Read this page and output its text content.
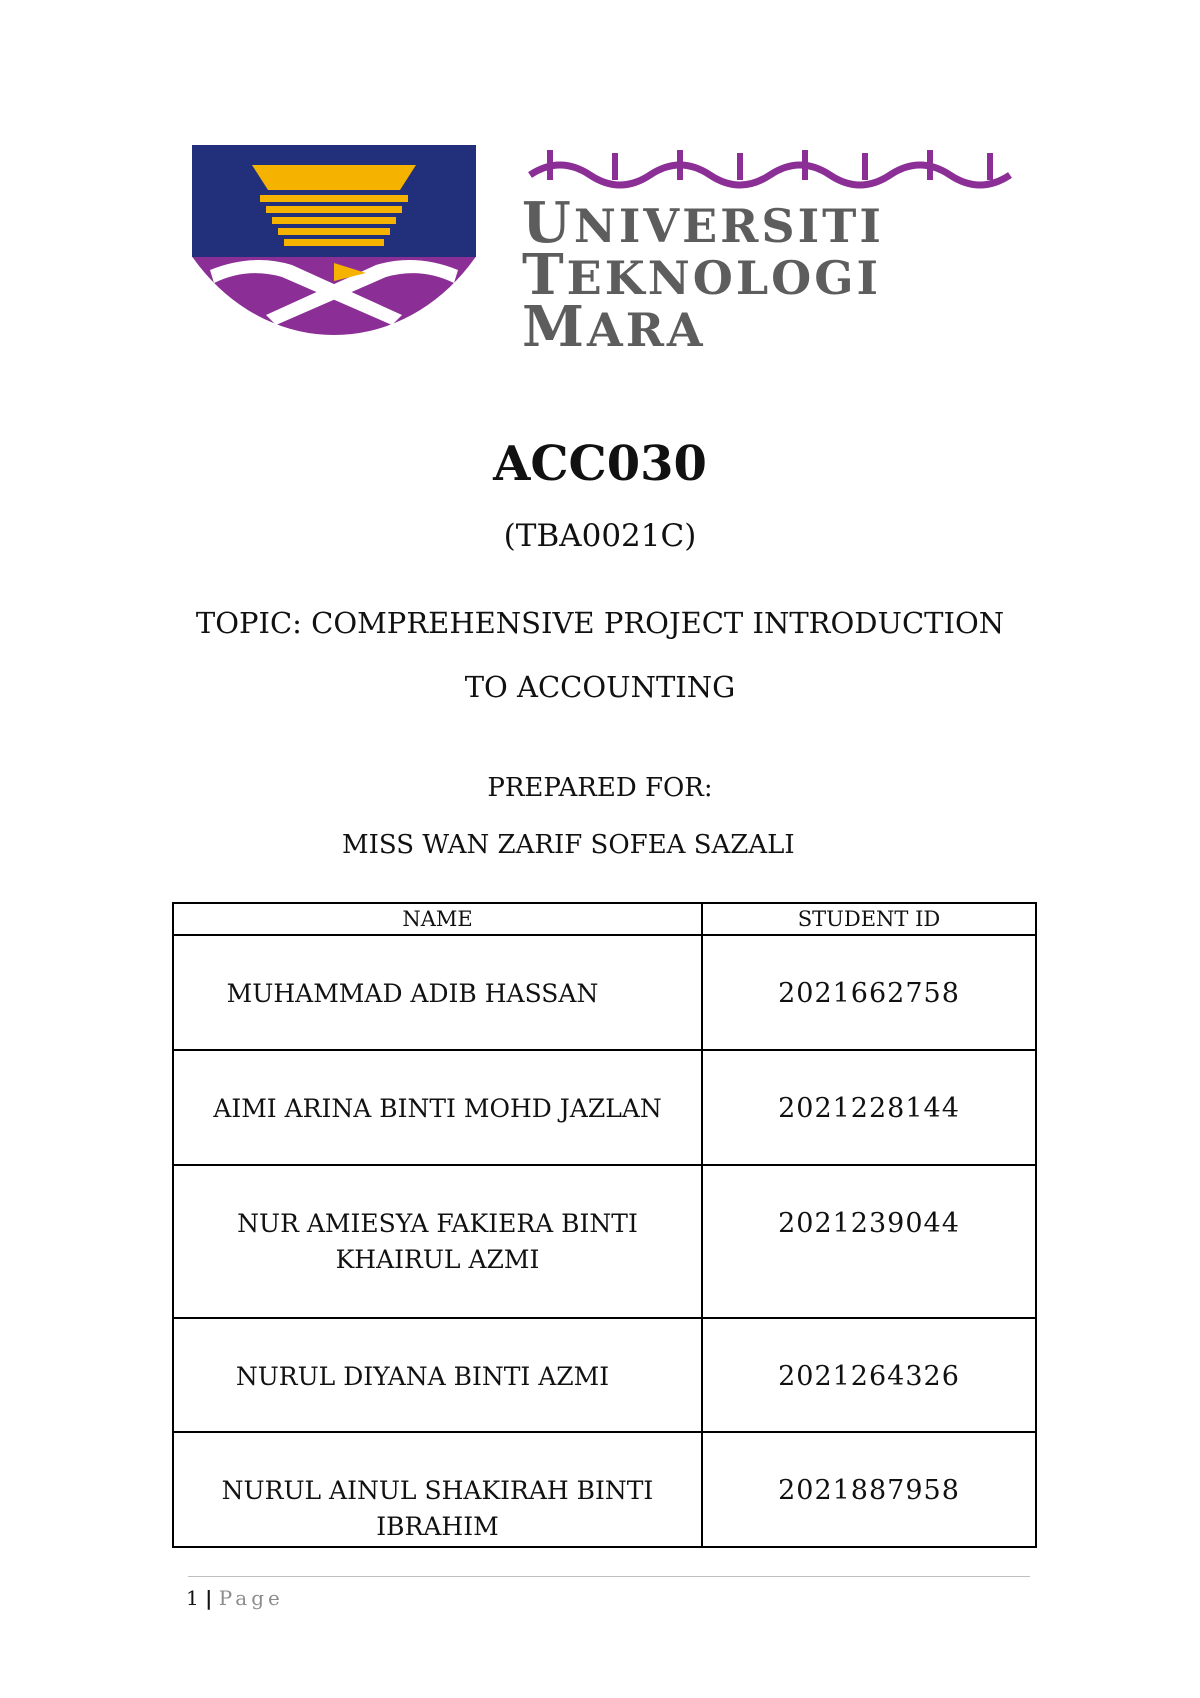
UNIVERSITI
TEKNOLOGI
MARA
ACC030
(TBA0021C)
TOPIC: COMPREHENSIVE PROJECT INTRODUCTION
TO ACCOUNTING
PREPARED FOR:
MISS WAN ZARIF SOFEA SAZALI
NAME	STUDENT ID
MUHAMMAD ADIB HASSAN	2021662758
AIMI ARINA BINTI MOHD JAZLAN	2021228144
NUR AMIESYA FAKIERA BINTI KHAIRUL AZMI	2021239044
NURUL DIYANA BINTI AZMI	2021264326
NURUL AINUL SHAKIRAH BINTI IBRAHIM	2021887958
1 | Page
